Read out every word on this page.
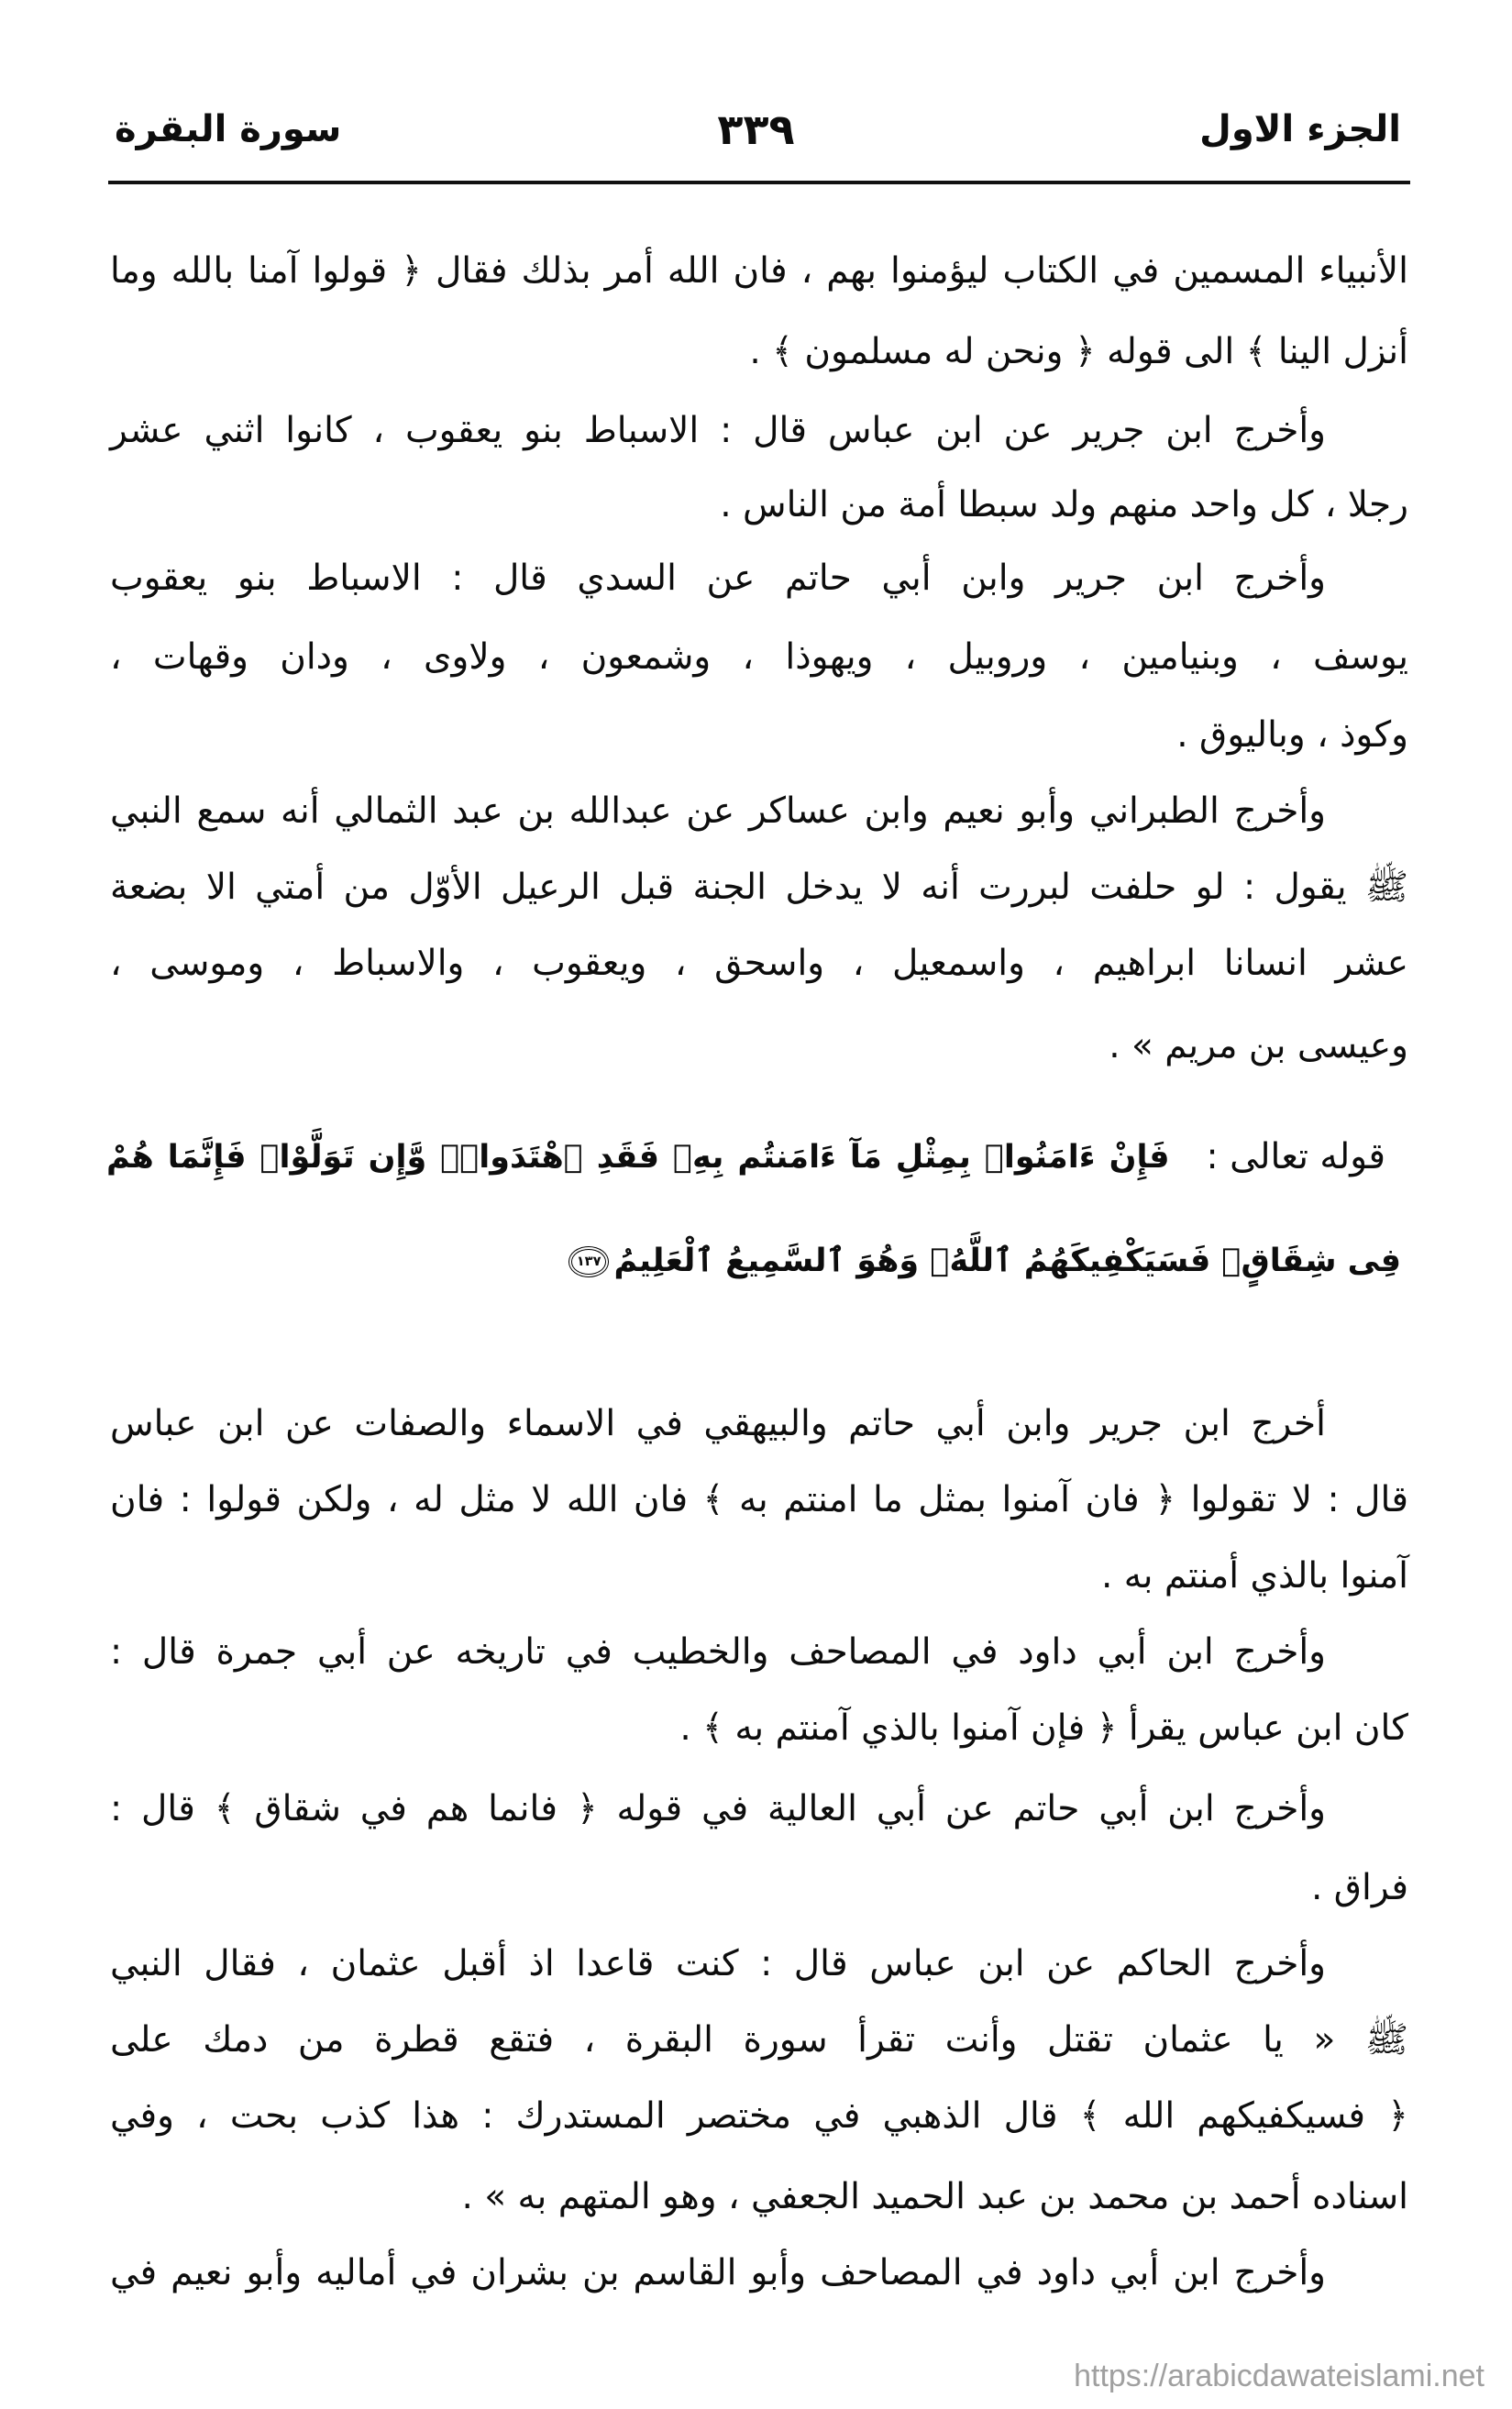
الجزء الاول
٣٣٩
سورة البقرة
الأنبياء المسمين في الكتاب ليؤمنوا بهم ، فان الله أمر بذلك فقال ﴿ قولوا آمنا بالله وما
أنزل الينا ﴾ الى قوله ﴿ ونحن له مسلمون ﴾ .
وأخرج ابن جرير عن ابن عباس قال : الاسباط بنو يعقوب ، كانوا اثني عشر
رجلا ، كل واحد منهم ولد سبطا أمة من الناس .
وأخرج ابن جرير وابن أبي حاتم عن السدي قال : الاسباط بنو يعقوب
يوسف ، وبنيامين ، وروبيل ، ويهوذا ، وشمعون ، ولاوى ، ودان وقهات ،
وكوذ ، وباليوق .
وأخرج الطبراني وأبو نعيم وابن عساكر عن عبدالله بن عبد الثمالي أنه سمع النبي
ﷺ يقول : لو حلفت لبررت أنه لا يدخل الجنة قبل الرعيل الأوّل من أمتي الا بضعة
عشر انسانا ابراهيم ، واسمعيل ، واسحق ، ويعقوب ، والاسباط ، وموسى ،
وعيسى بن مريم » .
قوله تعالى :
فَإِنْ ءَامَنُوا۟ بِمِثْلِ مَآ ءَامَنتُم بِهِۦ فَقَدِ ٱهْتَدَوا۟ۖ وَّإِن تَوَلَّوْا۟ فَإِنَّمَا هُمْ
فِى شِقَاقٍۖ فَسَيَكْفِيكَهُمُ ٱللَّهُۚ وَهُوَ ٱلسَّمِيعُ ٱلْعَلِيمُ١٣٧
أخرج ابن جرير وابن أبي حاتم والبيهقي في الاسماء والصفات عن ابن عباس
قال : لا تقولوا ﴿ فان آمنوا بمثل ما امنتم به ﴾ فان الله لا مثل له ، ولكن قولوا : فان
آمنوا بالذي أمنتم به .
وأخرج ابن أبي داود في المصاحف والخطيب في تاريخه عن أبي جمرة قال :
كان ابن عباس يقرأ ﴿ فإن آمنوا بالذي آمنتم به ﴾ .
وأخرج ابن أبي حاتم عن أبي العالية في قوله ﴿ فانما هم في شقاق ﴾ قال :
فراق .
وأخرج الحاكم عن ابن عباس قال : كنت قاعدا اذ أقبل عثمان ، فقال النبي
ﷺ « يا عثمان تقتل وأنت تقرأ سورة البقرة ، فتقع قطرة من دمك على
﴿ فسيكفيكهم الله ﴾ قال الذهبي في مختصر المستدرك : هذا كذب بحت ، وفي
اسناده أحمد بن محمد بن عبد الحميد الجعفي ، وهو المتهم به » .
وأخرج ابن أبي داود في المصاحف وأبو القاسم بن بشران في أماليه وأبو نعيم في
https://arabicdawateislami.net
